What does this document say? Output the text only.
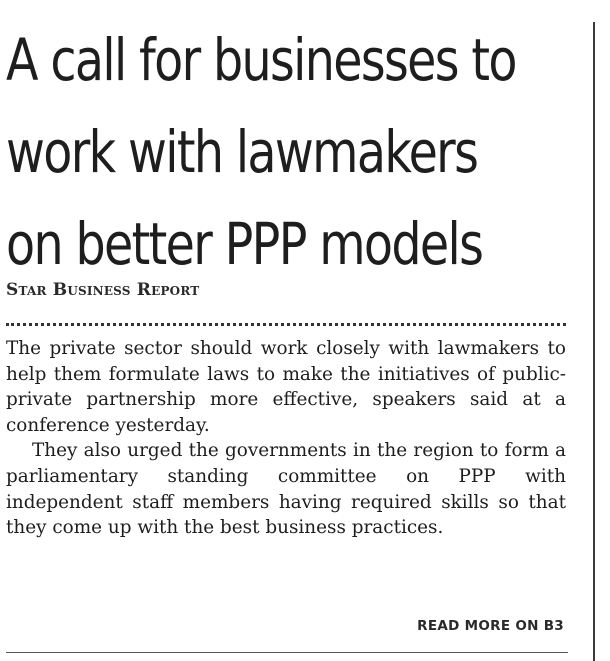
A call for businesses to
work with lawmakers
on better PPP models
Star Business Report

The private sector should work closely with lawmakers to help them formulate laws to make the initiatives of public-private partnership more effective, speakers said at a conference yesterday.

They also urged the governments in the region to form a parliamentary standing committee on PPP with independent staff members having required skills so that they come up with the best business practices.

READ MORE ON B3
